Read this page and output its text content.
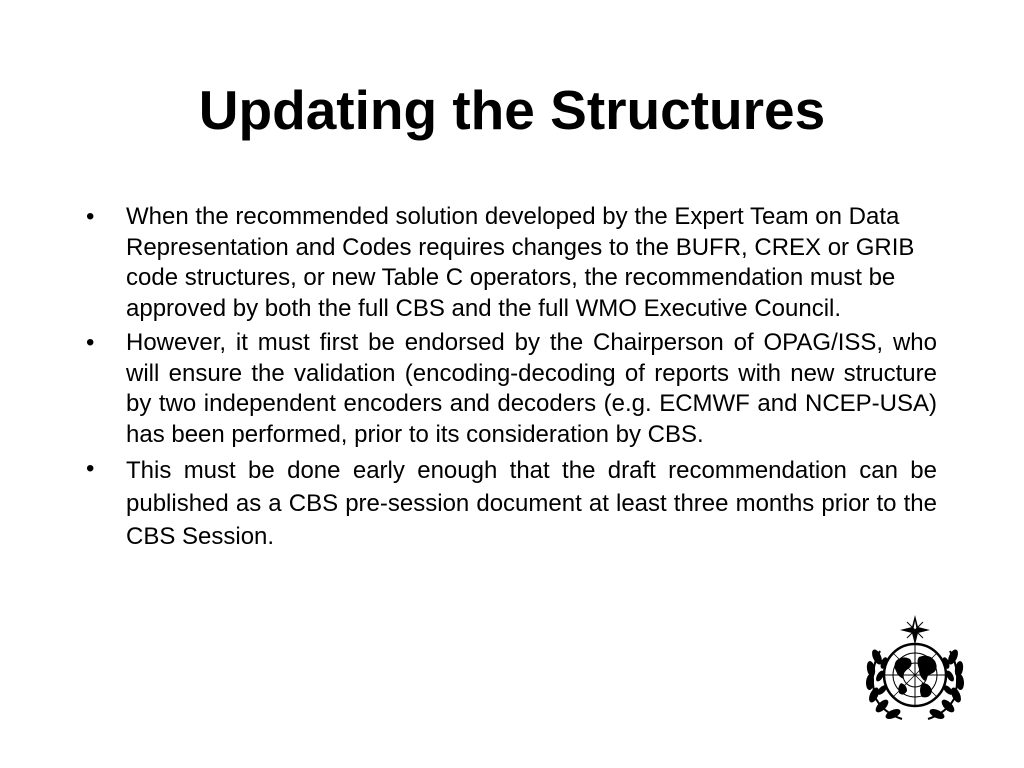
Updating the Structures
•	When the recommended solution developed by the Expert Team on Data Representation and Codes requires changes to the BUFR, CREX or GRIB code structures, or new Table C operators, the recommendation must be approved by both the full CBS and the full WMO Executive Council.
•	However, it must first be endorsed by the Chairperson of OPAG/ISS, who will ensure the validation (encoding-decoding of reports with new structure by two independent encoders and decoders (e.g. ECMWF and NCEP-USA) has been performed, prior to its consideration by CBS.
•	This must be done early enough that the draft recommendation can be published as a CBS pre-session document at least three months prior to the CBS Session.
